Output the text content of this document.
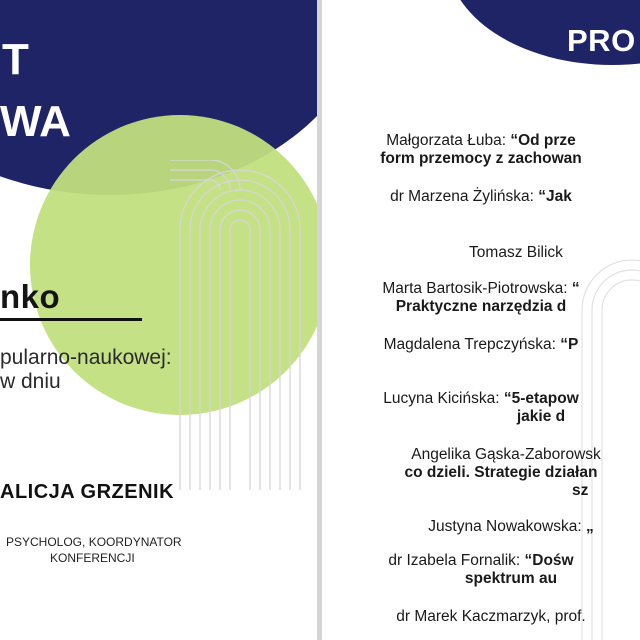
T
WA
nko
pularno-naukowej:
w dniu
ALICJA GRZENIK
PSYCHOLOG, KOORDYNATOR
KONFERENCJI
PRO
Małgorzata Łuba: “Od prze
form przemocy z zachowan
dr Marzena Żylińska: “Jak
Tomasz Bilick
Marta Bartosik-Piotrowska: “
Praktyczne narzędzia d
Magdalena Trepczyńska: “P
Lucyna Kicińska: “5-etapow
jakie d
Angelika Gąska-Zaborowsk
co dzieli. Strategie działan
sz
Justyna Nowakowska: „
dr Izabela Fornalik: “Dośw
spektrum au
dr Marek Kaczmarzyk, prof.
